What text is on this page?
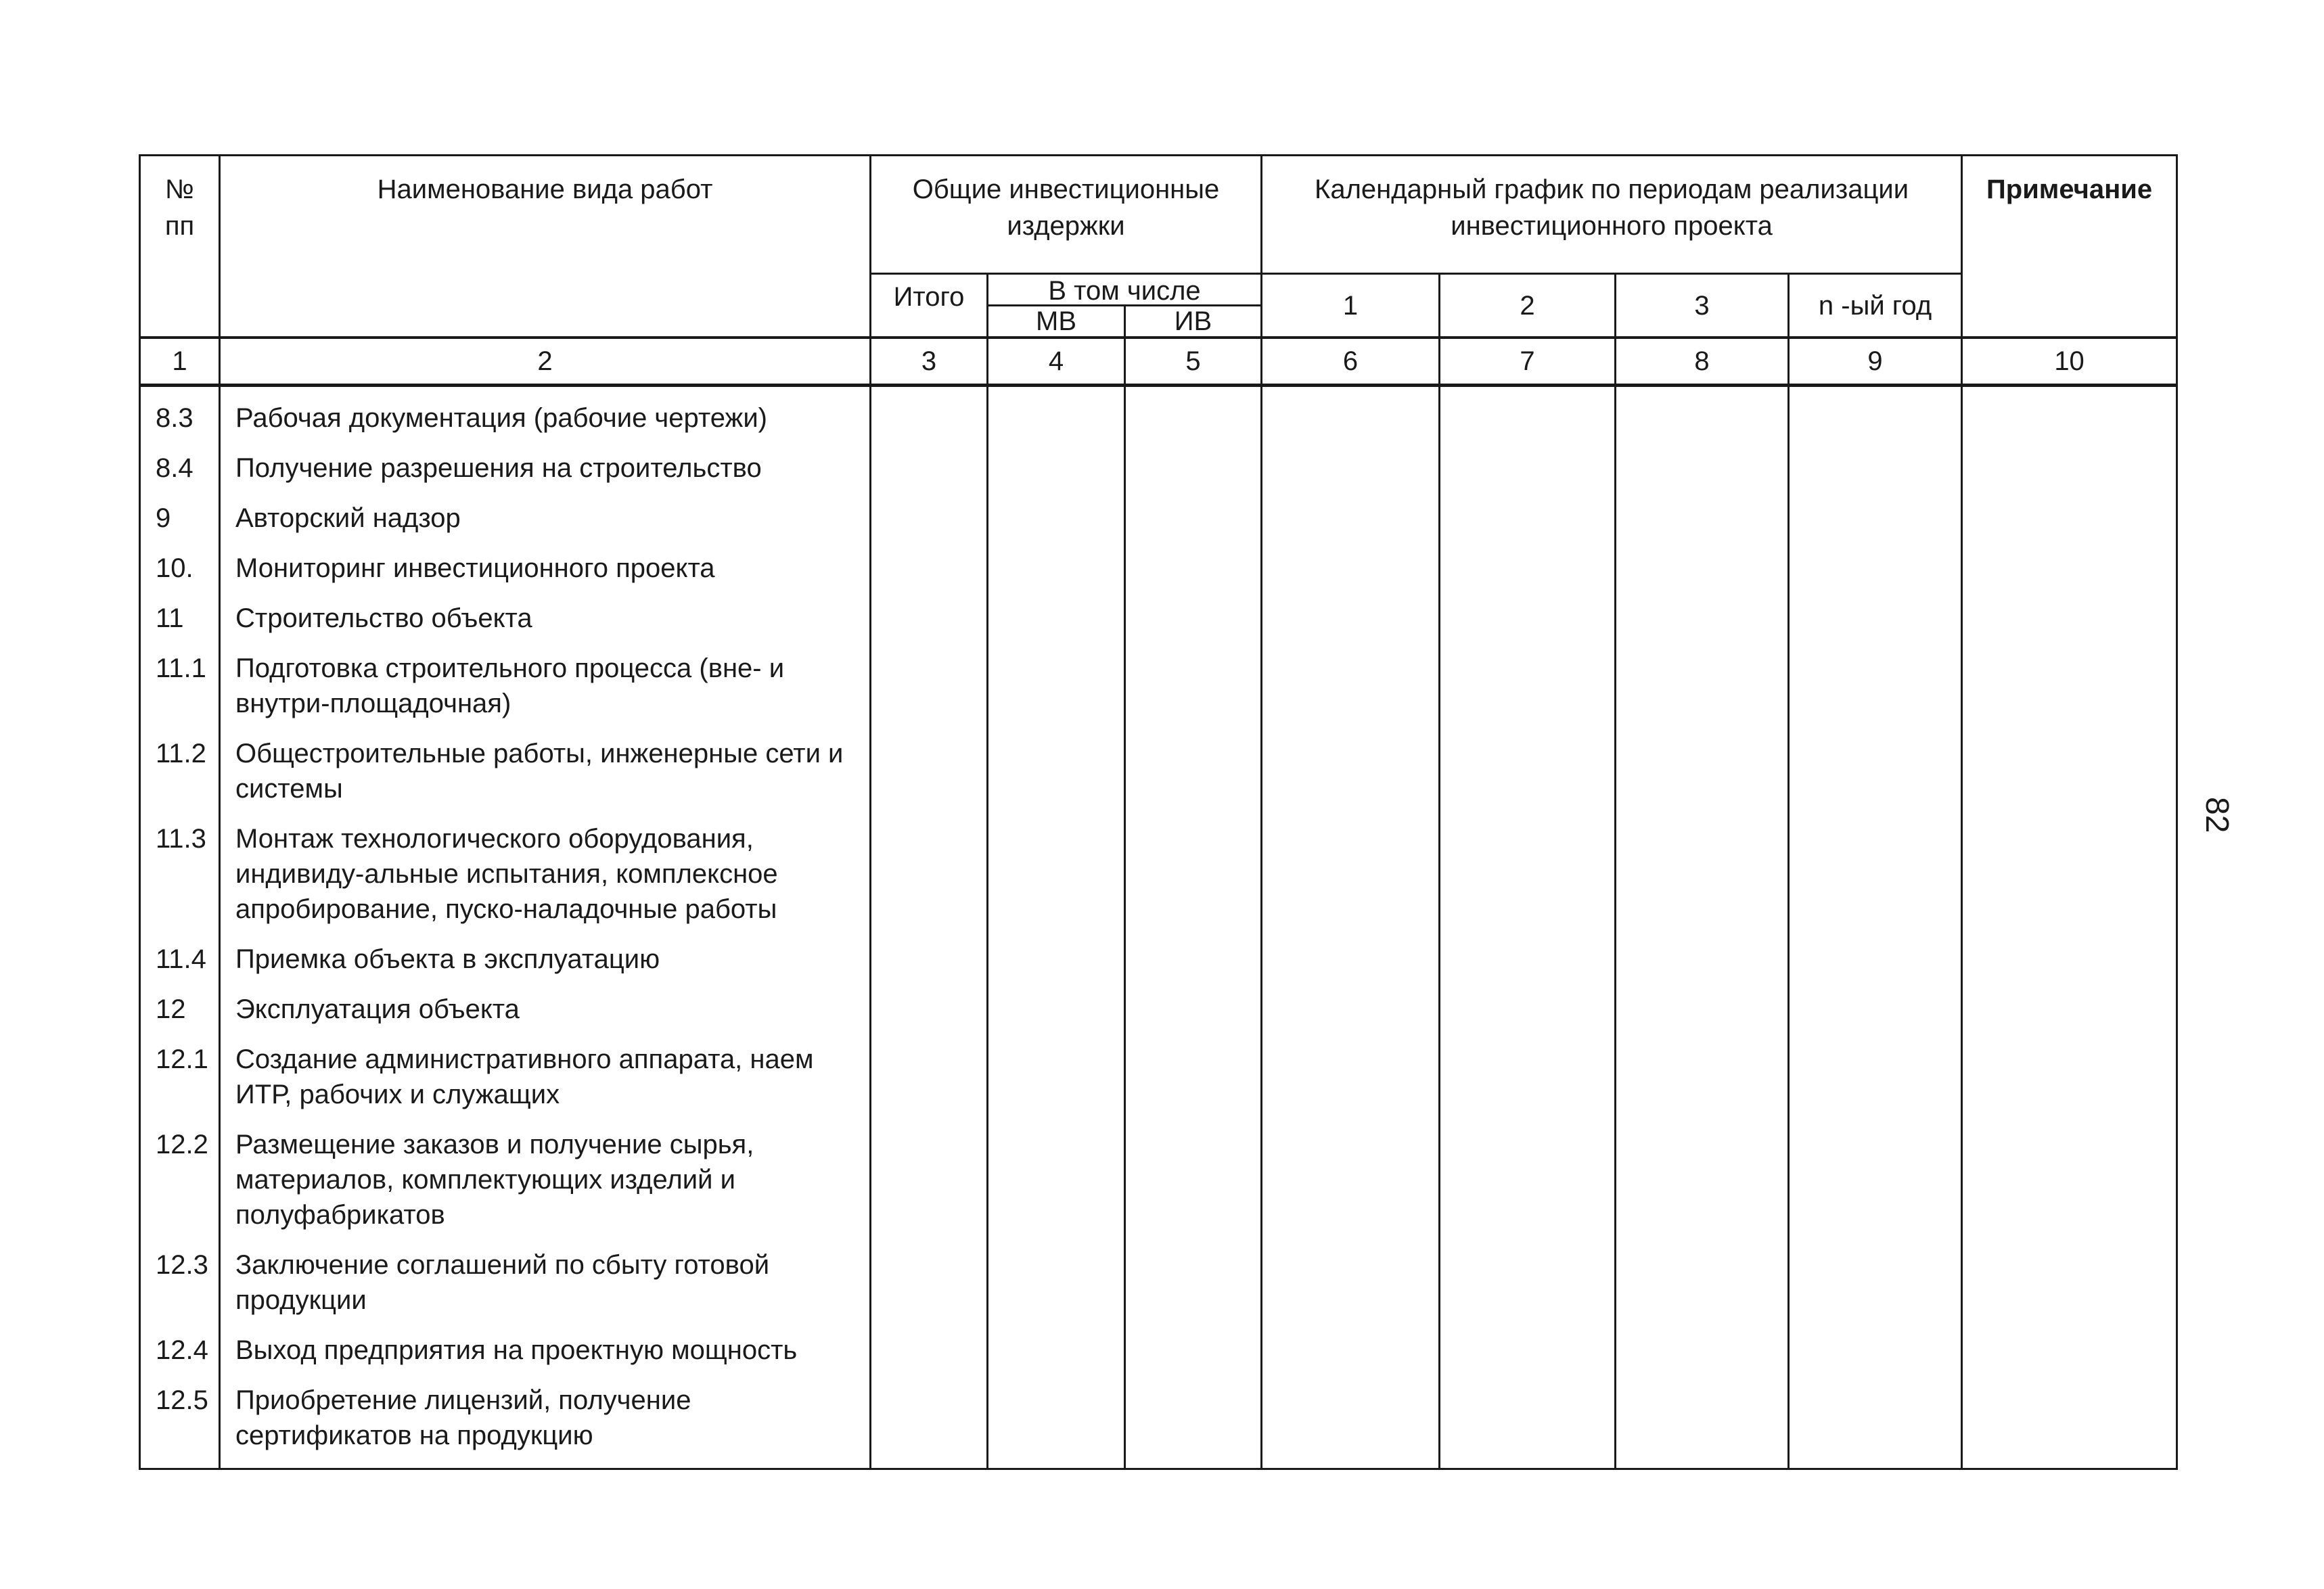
82
№
пп	Наименование вида работ	Общие инвестиционные издержки			Календарный график по периодам реализации инвестиционного проекта				Примечание
		Итого	В том числе		1	2	3	n -ый год	
			МВ	ИВ					
1	2	3	4	5	6	7	8	9	10
8.3	Рабочая документация (рабочие чертежи)								
8.4	Получение разрешения на строительство								
9	Авторский надзор								
10.	Мониторинг инвестиционного проекта								
11	Строительство объекта								
11.1	Подготовка строительного процесса (вне- и внутри-площадочная)								
11.2	Общестроительные работы, инженерные сети и системы								
11.3	Монтаж технологического оборудования, индивиду-альные испытания, комплексное апробирование, пуско-наладочные работы								
11.4	Приемка объекта в эксплуатацию								
12	Эксплуатация объекта								
12.1	Создание административного аппарата, наем ИТР, рабочих и служащих								
12.2	Размещение заказов и получение сырья, материалов, комплектующих изделий и полуфабрикатов								
12.3	Заключение соглашений по сбыту готовой продукции								
12.4	Выход предприятия на проектную мощность								
12.5	Приобретение лицензий, получение сертификатов на продукцию								
